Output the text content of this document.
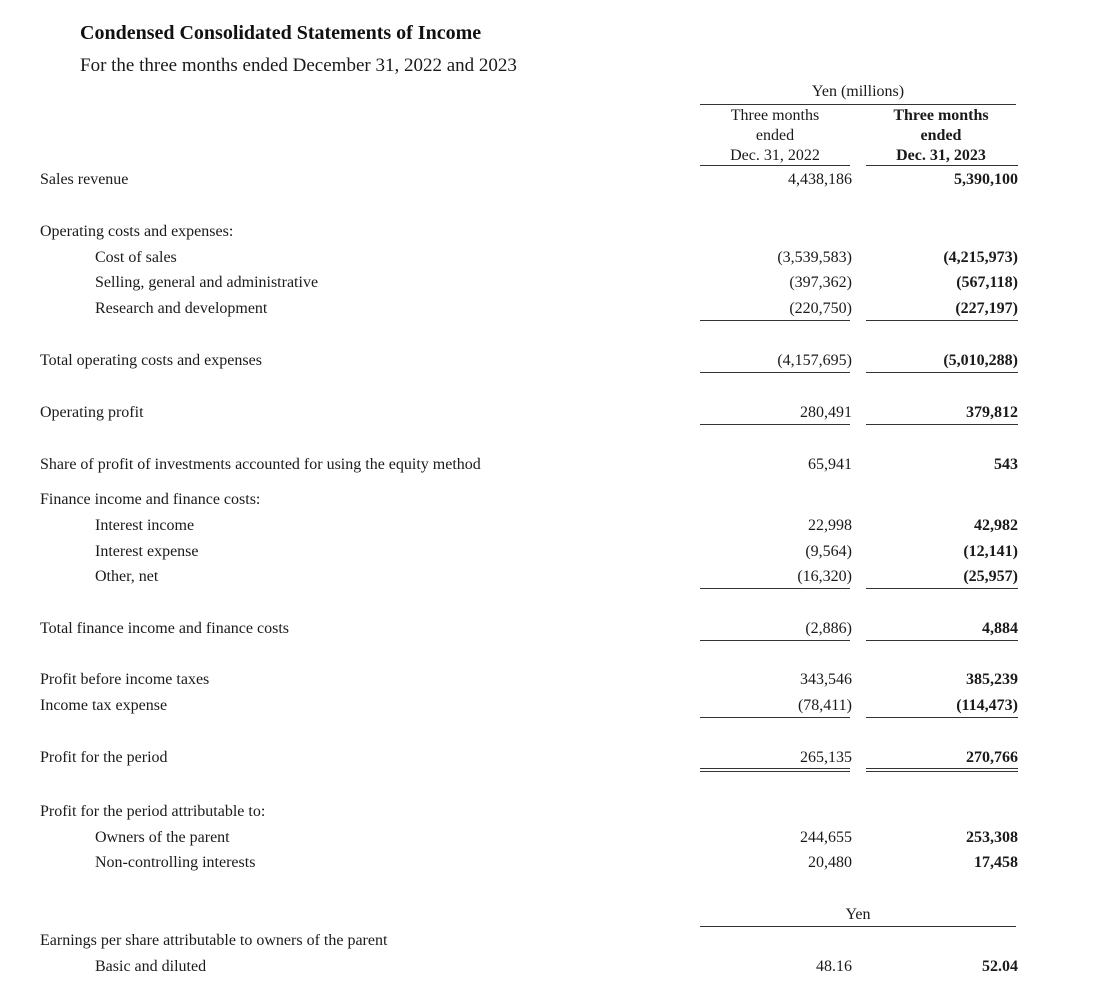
Condensed Consolidated Statements of Income
For the three months ended December 31, 2022 and 2023
Yen (millions)
Three months
ended
Dec. 31, 2022
Three months
ended
Dec. 31, 2023
Sales revenue	4,438,186	5,390,100
Operating costs and expenses:
Cost of sales	(3,539,583)	(4,215,973)
Selling, general and administrative	(397,362)	(567,118)
Research and development	(220,750)	(227,197)
Total operating costs and expenses	(4,157,695)	(5,010,288)
Operating profit	280,491	379,812
Share of profit of investments accounted for using the equity method	65,941	543
Finance income and finance costs:
Interest income	22,998	42,982
Interest expense	(9,564)	(12,141)
Other, net	(16,320)	(25,957)
Total finance income and finance costs	(2,886)	4,884
Profit before income taxes	343,546	385,239
Income tax expense	(78,411)	(114,473)
Profit for the period	265,135	270,766
Profit for the period attributable to:
Owners of the parent	244,655	253,308
Non-controlling interests	20,480	17,458
Yen
Earnings per share attributable to owners of the parent
Basic and diluted	48.16	52.04
